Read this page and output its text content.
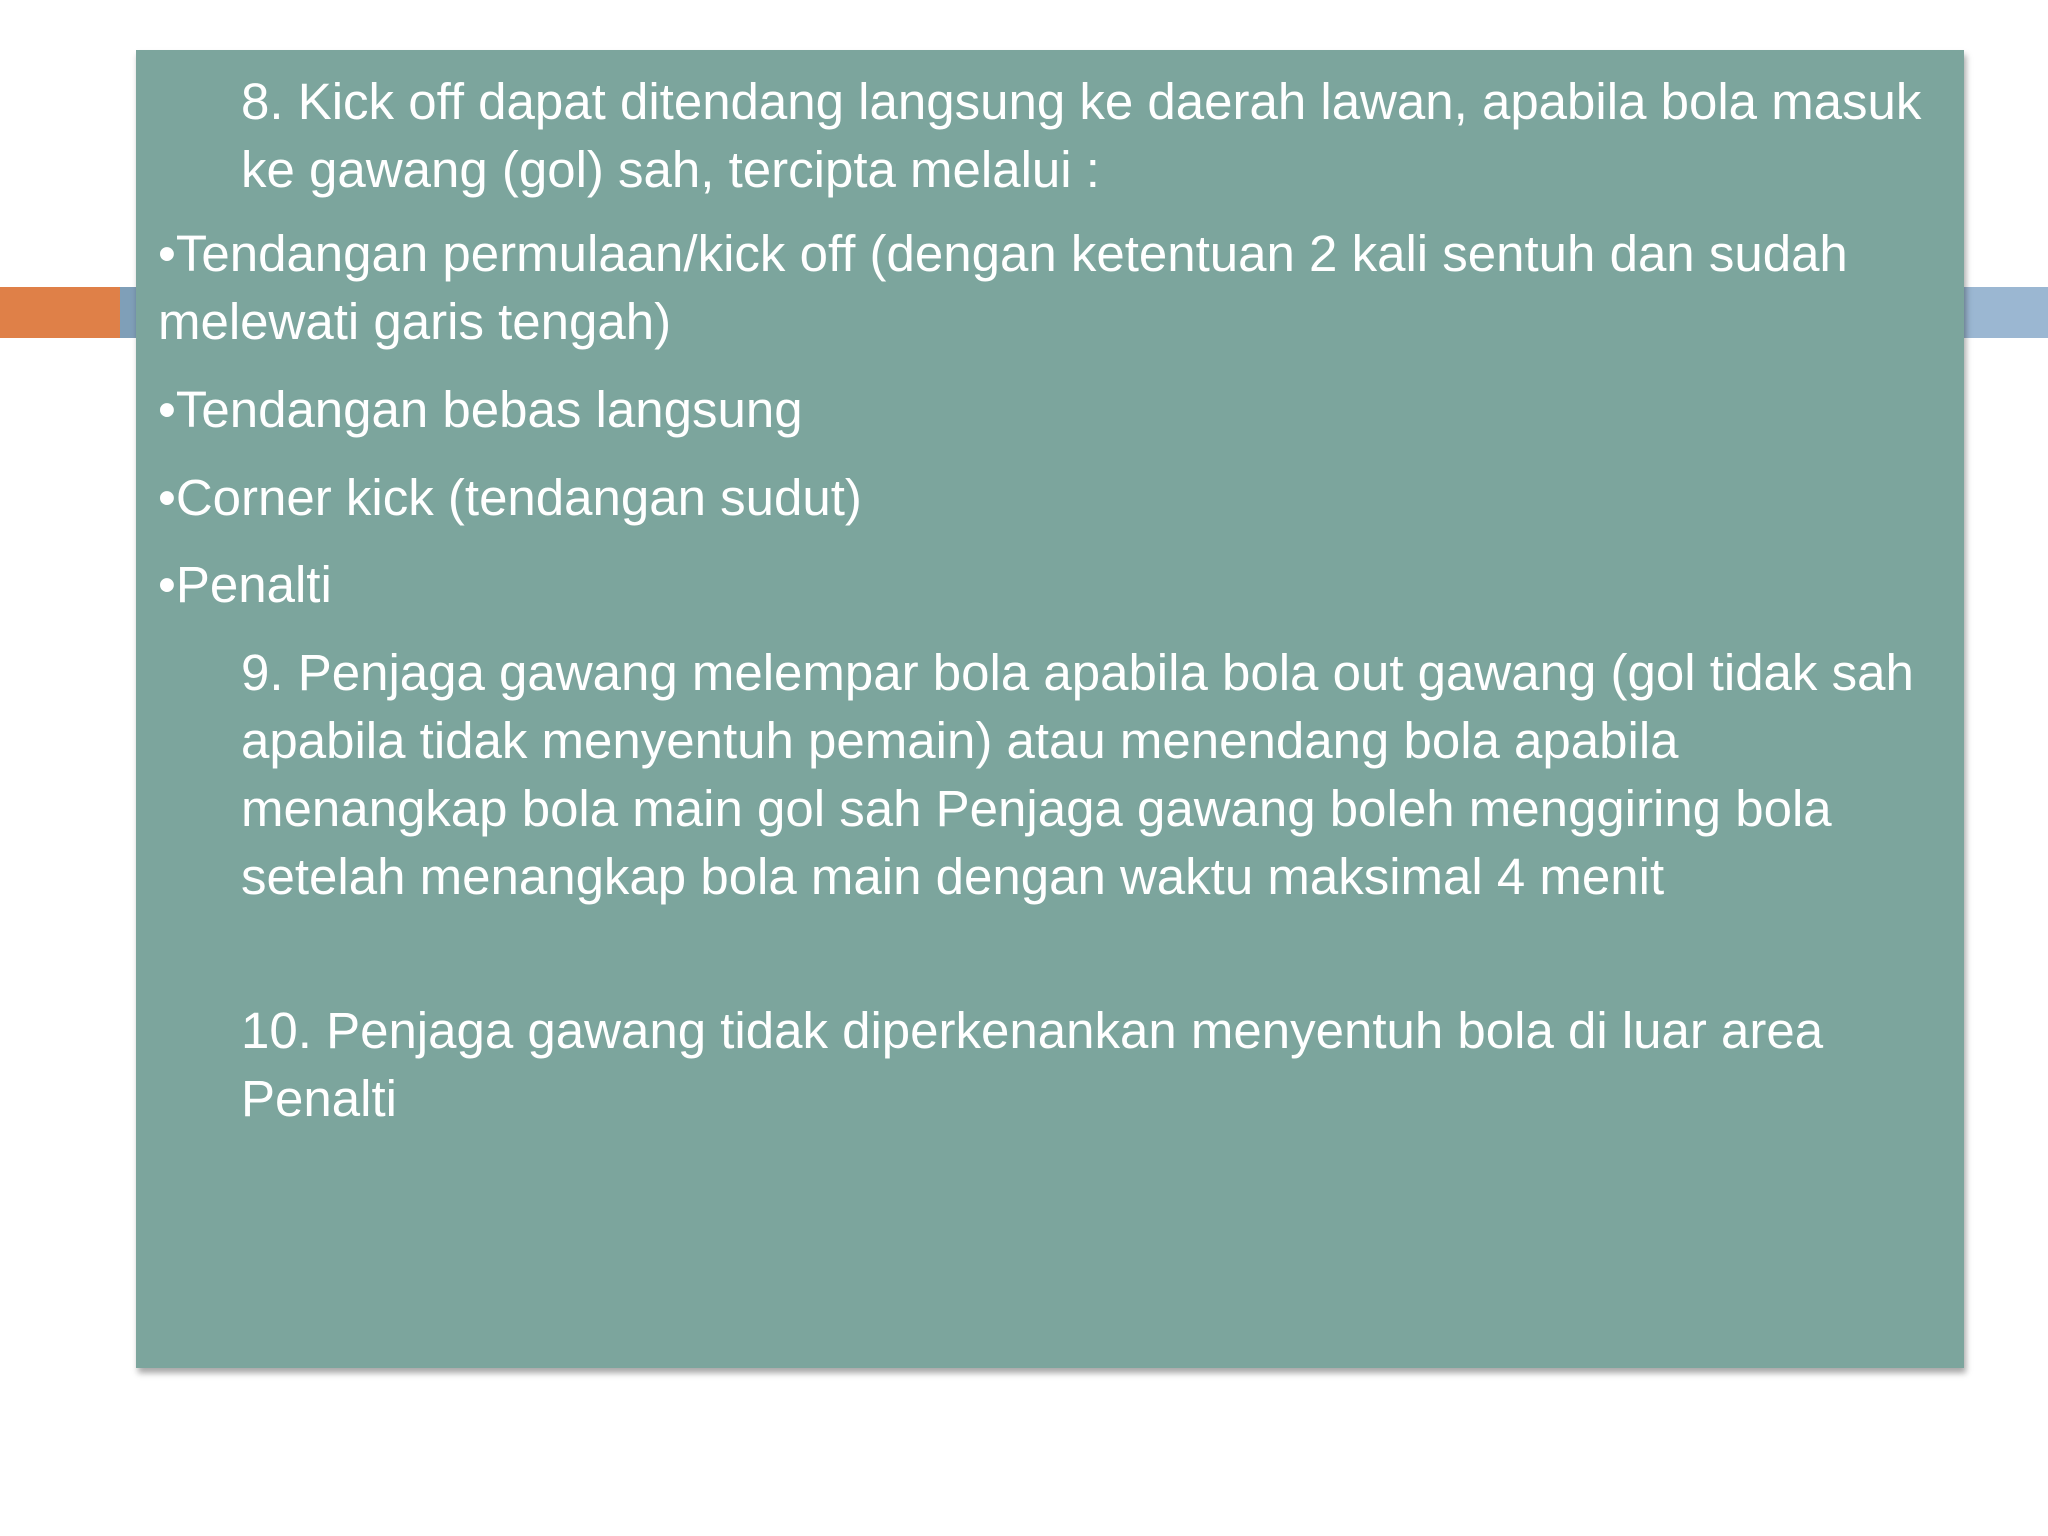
8. Kick off dapat ditendang langsung ke daerah lawan, apabila bola masuk ke gawang (gol) sah, tercipta melalui :

•Tendangan permulaan/kick off (dengan ketentuan 2 kali sentuh dan sudah melewati garis tengah)

•Tendangan bebas langsung

•Corner kick (tendangan sudut)

•Penalti

9. Penjaga gawang melempar bola apabila bola out gawang (gol tidak sah apabila tidak menyentuh pemain) atau menendang bola apabila menangkap bola main gol sah Penjaga gawang boleh menggiring bola setelah menangkap bola main dengan waktu maksimal 4 menit

10. Penjaga gawang tidak diperkenankan menyentuh bola di luar area Penalti
